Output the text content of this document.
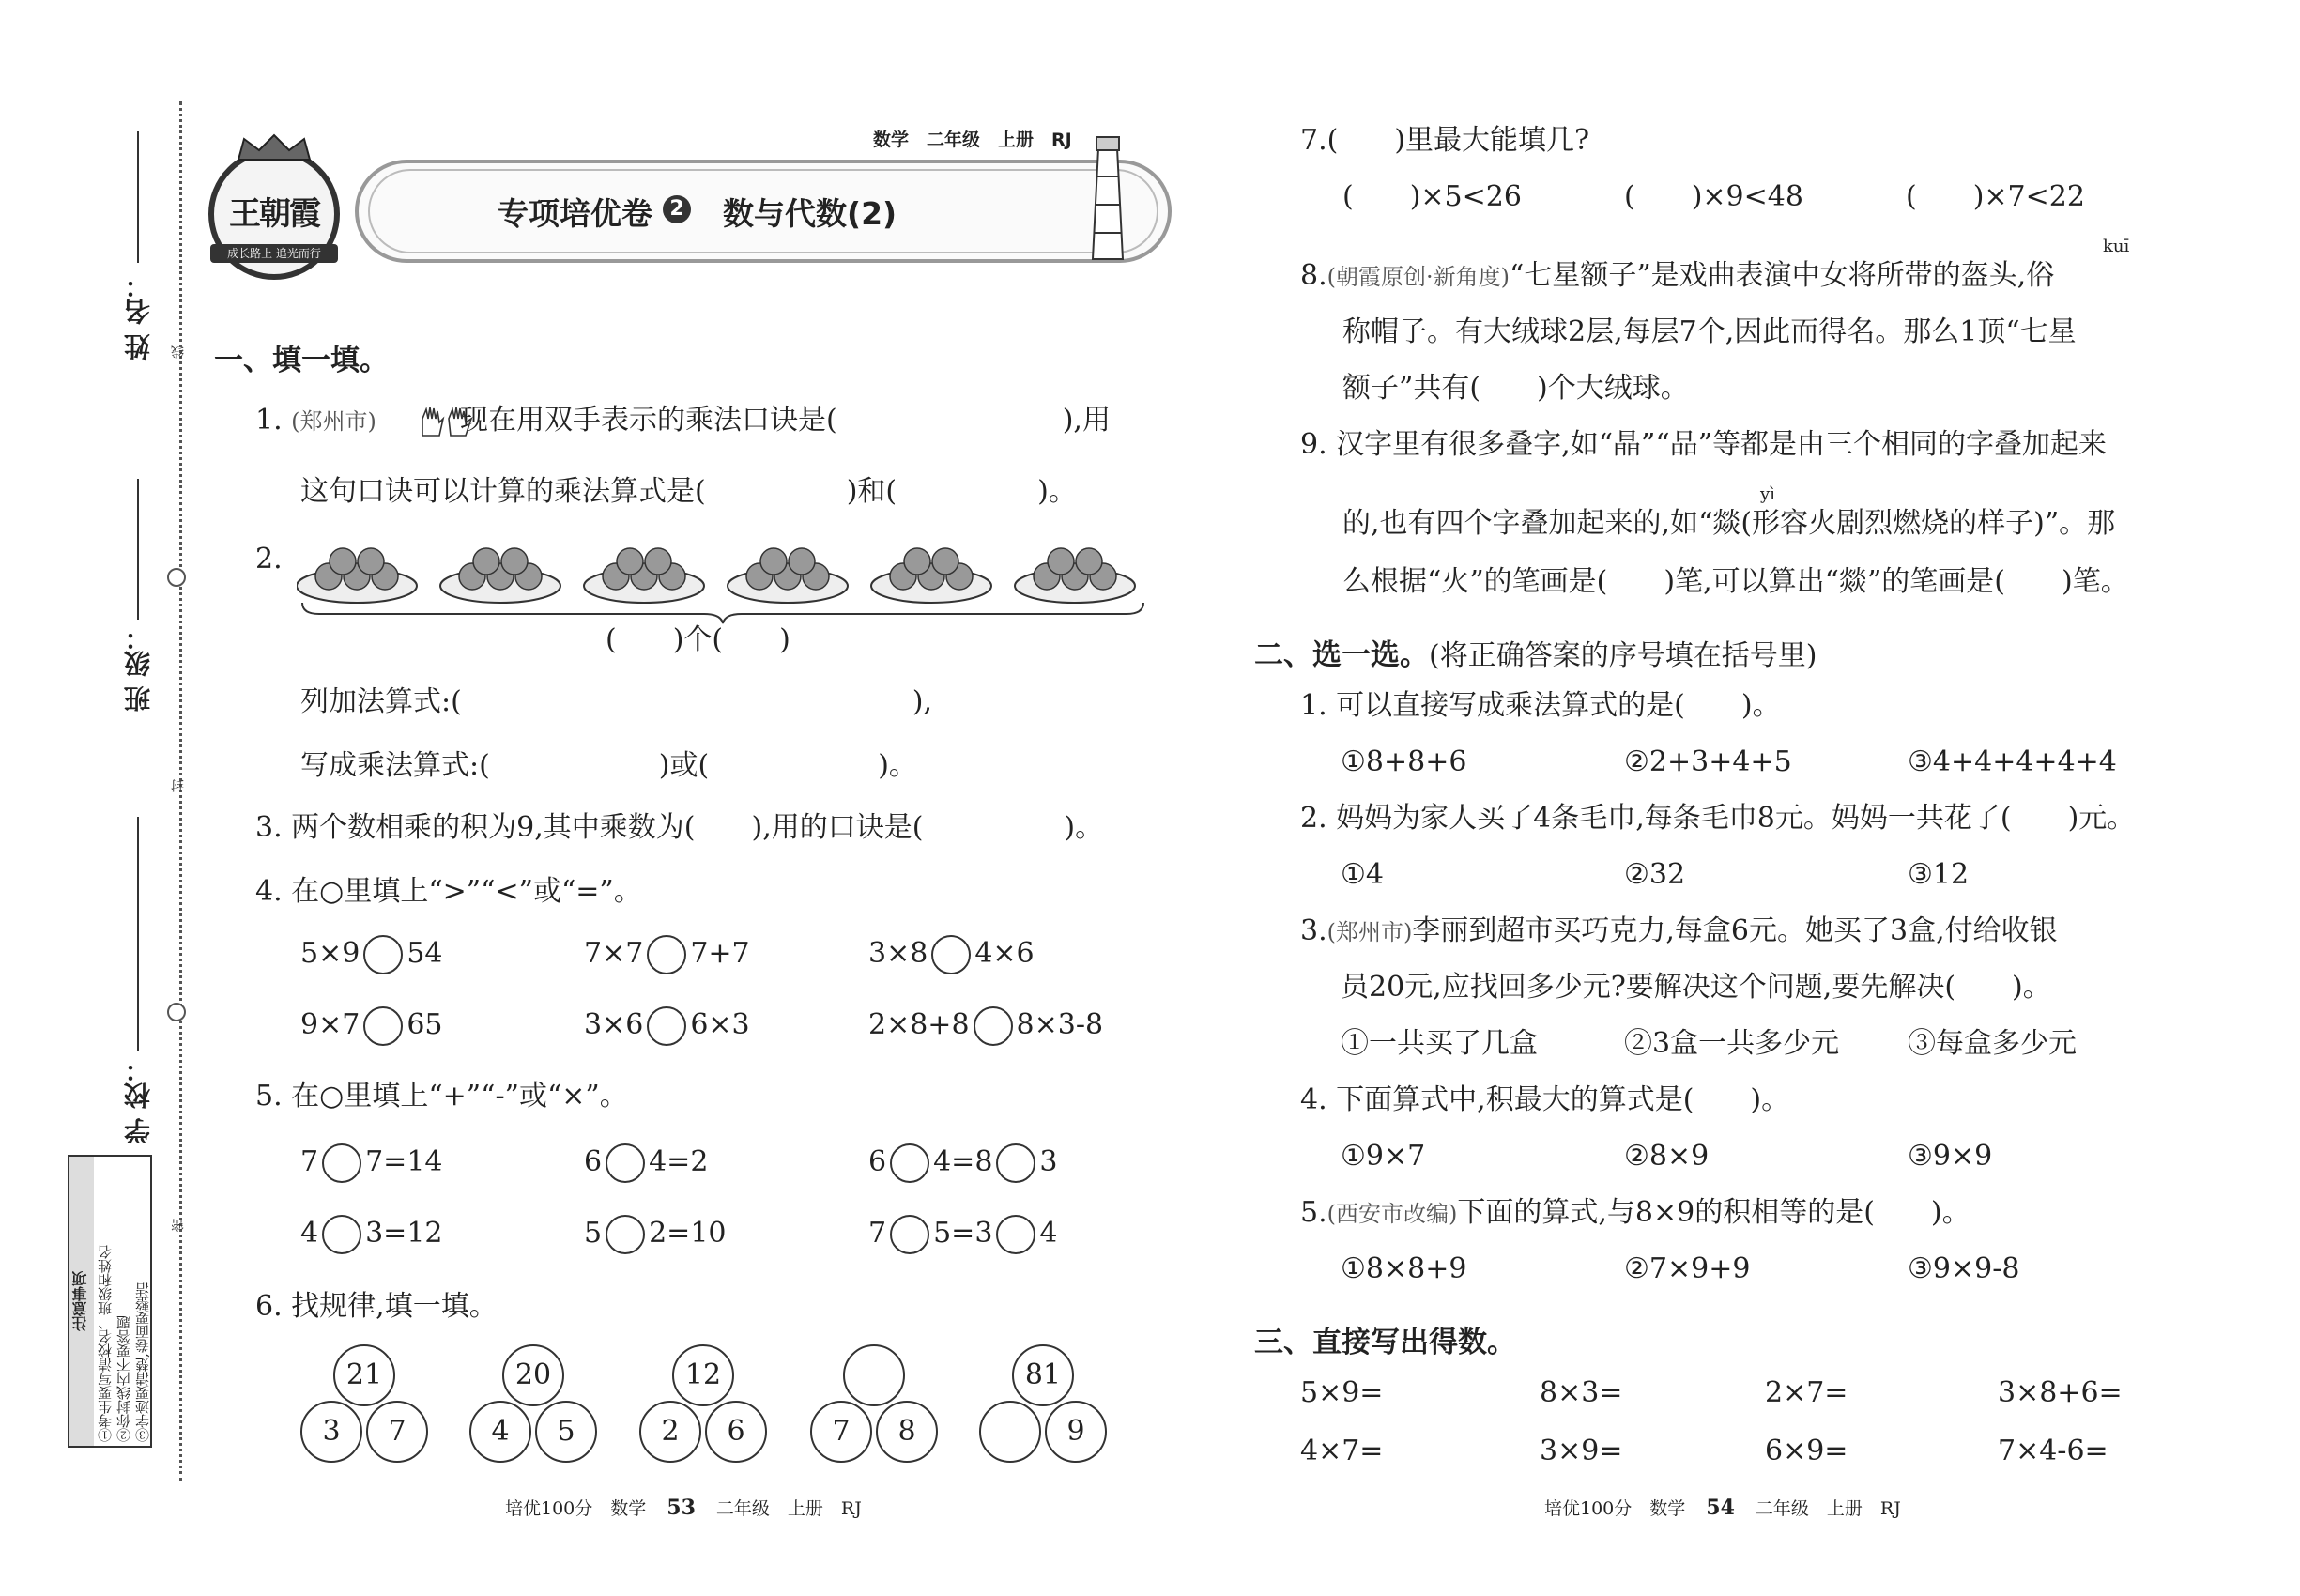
姓 名：
班 级：
学 校：
线
封
密
注意事项 ①考生要写清校名、班级和姓名 ②你封线内不要答题 ③字迹要清楚,卷面要整洁
王朝霞
成长路上 追光而行
数学　二年级　上册　RJ
专项培优卷 2 数与代数(2)
一、填一填。
1. (郑州市)	现在用双手表示的乘法口诀是(　　　　　　　　),用
这句口诀可以计算的乘法算式是(　　　　　)和(　　　　　)。
2.
(　　)个(　　)
列加法算式:(　　　　　　　　　　　　　　　　),
写成乘法算式:(　　　　　　)或(　　　　　　)。
3. 两个数相乘的积为9,其中乘数为(　　),用的口诀是(　　　　　)。
4. 在○里填上“>”“<”或“=”。
5×9 54	7×7 7+7	3×8 4×6
9×7 65	3×6 6×3	2×8+8 8×3-8
5. 在○里填上“+”“-”或“×”。
7 7=14	6 4=2	6 4=8 3
4 3=12	5 2=10	7 5=3 4
6. 找规律,填一填。
21
3	7
20
4	5
12
2	6	7	8
81
9
7.(　　)里最大能填几?
(　　)×5<26	(　　)×9<48	(　　)×7<22
kuī
8.(朝霞原创·新角度)“七星额子”是戏曲表演中女将所带的盔头,俗
称帽子。有大绒球2层,每层7个,因此而得名。那么1顶“七星
额子”共有(　　)个大绒球。
9. 汉字里有很多叠字,如“晶”“品”等都是由三个相同的字叠加起来
yì
的,也有四个字叠加起来的,如“燚(形容火剧烈燃烧的样子)”。那
么根据“火”的笔画是(　　)笔,可以算出“燚”的笔画是(　　)笔。
二、选一选。(将正确答案的序号填在括号里)
1. 可以直接写成乘法算式的是(　　)。
①8+8+6	②2+3+4+5	③4+4+4+4+4
2. 妈妈为家人买了4条毛巾,每条毛巾8元。妈妈一共花了(　　)元。
①4	②32	③12
3.(郑州市)李丽到超市买巧克力,每盒6元。她买了3盒,付给收银
员20元,应找回多少元?要解决这个问题,要先解决(　　)。
①一共买了几盒	②3盒一共多少元 ③每盒多少元
4. 下面算式中,积最大的算式是(　　)。
①9×7	②8×9	③9×9
5.(西安市改编)下面的算式,与8×9的积相等的是(　　)。
①8×8+9	②7×9+9	③9×9-8
三、直接写出得数。
5×9=	8×3=	2×7=	3×8+6=
4×7=	3×9=	6×9=	7×4-6=
培优100分　数学 53 二年级　上册　RJ	培优100分　数学 54 二年级　上册　RJ
